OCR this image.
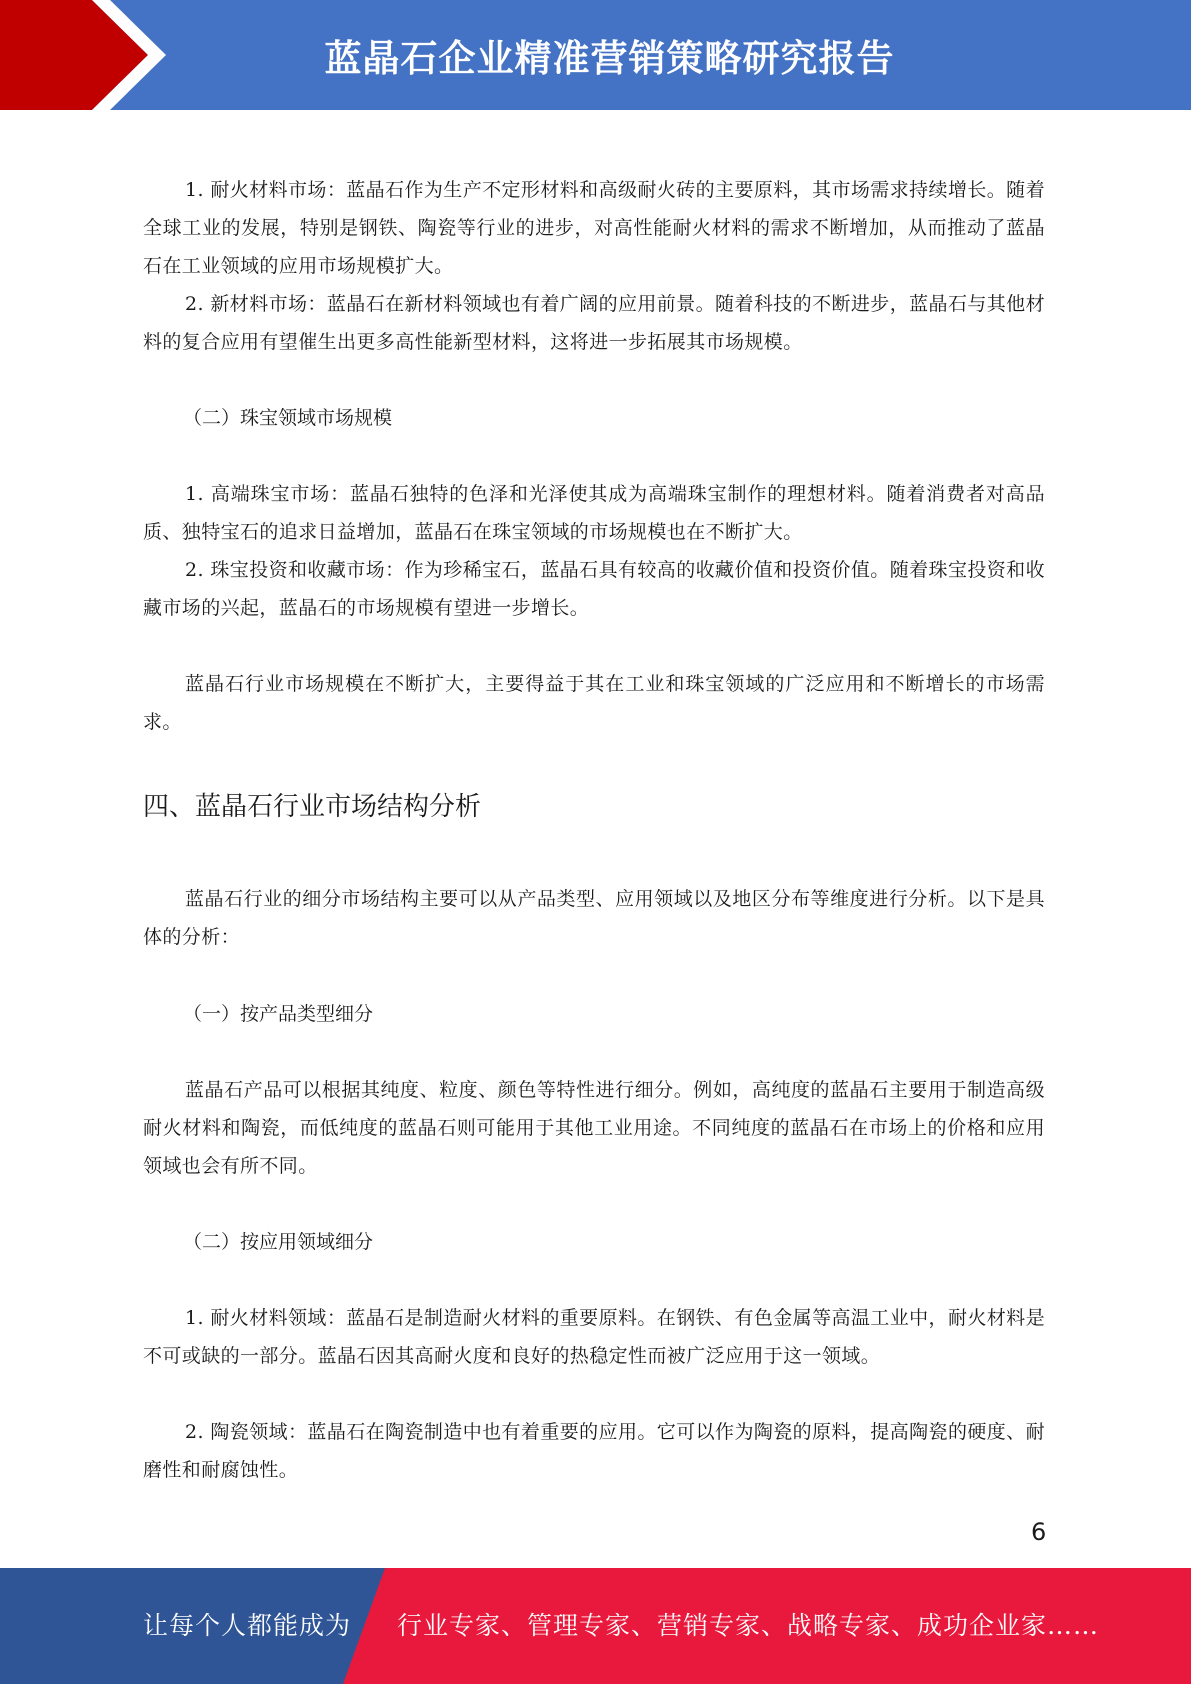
蓝晶石企业精准营销策略研究报告

1. 耐火材料市场：蓝晶石作为生产不定形材料和高级耐火砖的主要原料，其市场需求持续增长。随着全球工业的发展，特别是钢铁、陶瓷等行业的进步，对高性能耐火材料的需求不断增加，从而推动了蓝晶石在工业领域的应用市场规模扩大。

2. 新材料市场：蓝晶石在新材料领域也有着广阔的应用前景。随着科技的不断进步，蓝晶石与其他材料的复合应用有望催生出更多高性能新型材料，这将进一步拓展其市场规模。

（二）珠宝领域市场规模

1. 高端珠宝市场：蓝晶石独特的色泽和光泽使其成为高端珠宝制作的理想材料。随着消费者对高品质、独特宝石的追求日益增加，蓝晶石在珠宝领域的市场规模也在不断扩大。

2. 珠宝投资和收藏市场：作为珍稀宝石，蓝晶石具有较高的收藏价值和投资价值。随着珠宝投资和收藏市场的兴起，蓝晶石的市场规模有望进一步增长。

蓝晶石行业市场规模在不断扩大，主要得益于其在工业和珠宝领域的广泛应用和不断增长的市场需求。

四、蓝晶石行业市场结构分析

蓝晶石行业的细分市场结构主要可以从产品类型、应用领域以及地区分布等维度进行分析。以下是具体的分析：

（一）按产品类型细分

蓝晶石产品可以根据其纯度、粒度、颜色等特性进行细分。例如，高纯度的蓝晶石主要用于制造高级耐火材料和陶瓷，而低纯度的蓝晶石则可能用于其他工业用途。不同纯度的蓝晶石在市场上的价格和应用领域也会有所不同。

（二）按应用领域细分

1. 耐火材料领域：蓝晶石是制造耐火材料的重要原料。在钢铁、有色金属等高温工业中，耐火材料是不可或缺的一部分。蓝晶石因其高耐火度和良好的热稳定性而被广泛应用于这一领域。

2. 陶瓷领域：蓝晶石在陶瓷制造中也有着重要的应用。它可以作为陶瓷的原料，提高陶瓷的硬度、耐磨性和耐腐蚀性。

6
让每个人都能成为 行业专家、管理专家、营销专家、战略专家、成功企业家……
